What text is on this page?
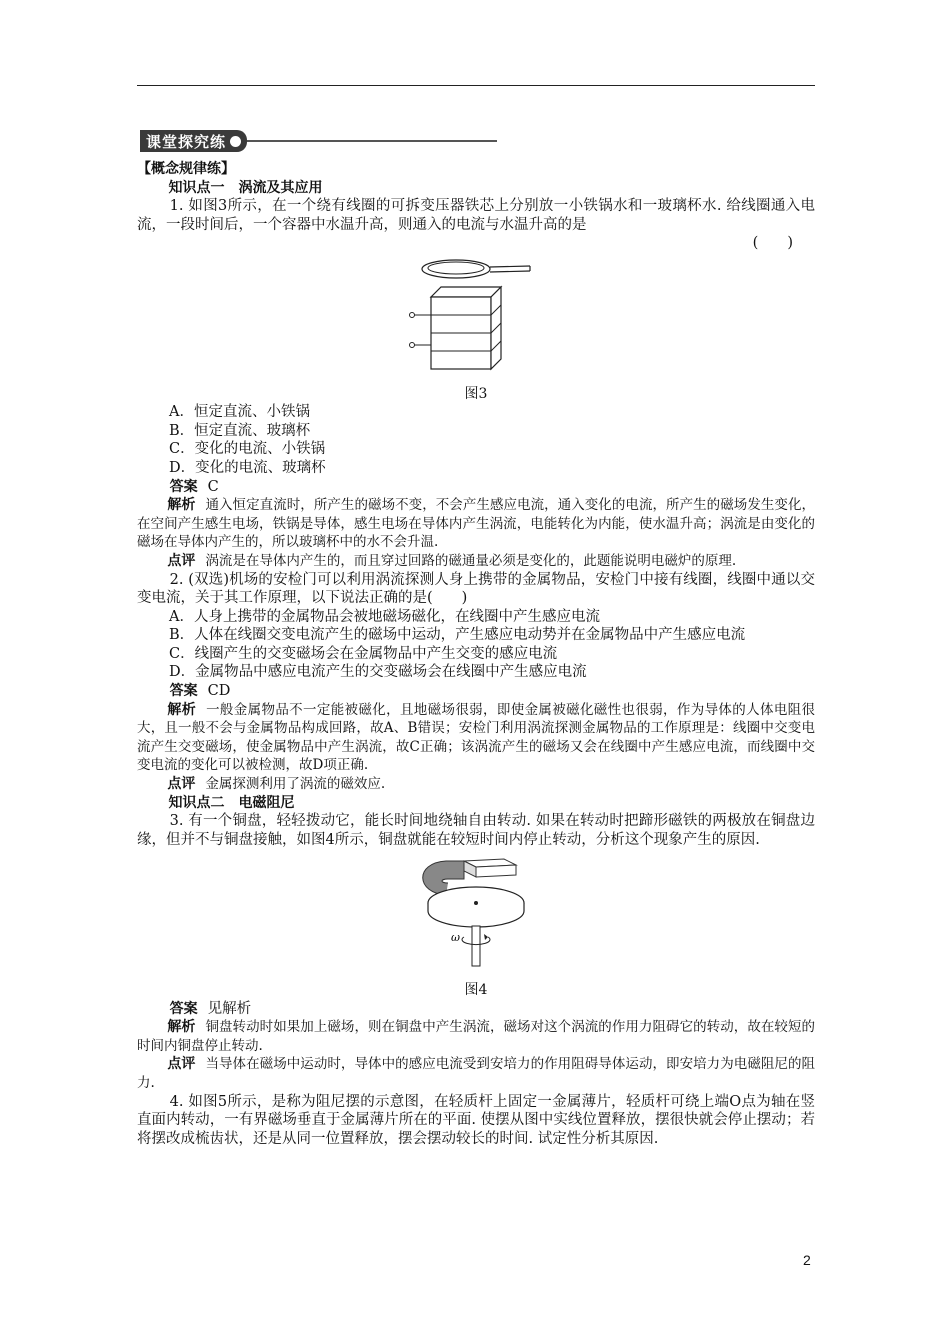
课堂探究练

【概念规律练】

知识点一　涡流及其应用

1. 如图3所示，在一个绕有线圈的可拆变压器铁芯上分别放一小铁锅水和一玻璃杯水. 给线圈通入电流，一段时间后，一个容器中水温升高，则通入的电流与水温升高的是

(　　)

图3

A．恒定直流、小铁锅

B．恒定直流、玻璃杯

C．变化的电流、小铁锅

D．变化的电流、玻璃杯

答案 C

解析 通入恒定直流时，所产生的磁场不变，不会产生感应电流，通入变化的电流，所产生的磁场发生变化，在空间产生感生电场，铁锅是导体，感生电场在导体内产生涡流，电能转化为内能，使水温升高；涡流是由变化的磁场在导体内产生的，所以玻璃杯中的水不会升温.

点评 涡流是在导体内产生的，而且穿过回路的磁通量必须是变化的，此题能说明电磁炉的原理.

2. (双选)机场的安检门可以利用涡流探测人身上携带的金属物品，安检门中接有线圈，线圈中通以交变电流，关于其工作原理，以下说法正确的是(　　)

A．人身上携带的金属物品会被地磁场磁化，在线圈中产生感应电流

B．人体在线圈交变电流产生的磁场中运动，产生感应电动势并在金属物品中产生感应电流

C．线圈产生的交变磁场会在金属物品中产生交变的感应电流

D．金属物品中感应电流产生的交变磁场会在线圈中产生感应电流

答案 CD

解析 一般金属物品不一定能被磁化，且地磁场很弱，即使金属被磁化磁性也很弱，作为导体的人体电阻很大，且一般不会与金属物品构成回路，故A、B错误；安检门利用涡流探测金属物品的工作原理是：线圈中交变电流产生交变磁场，使金属物品中产生涡流，故C正确；该涡流产生的磁场又会在线圈中产生感应电流，而线圈中交变电流的变化可以被检测，故D项正确.

点评 金属探测利用了涡流的磁效应.

知识点二　电磁阻尼

3. 有一个铜盘，轻轻拨动它，能长时间地绕轴自由转动. 如果在转动时把蹄形磁铁的两极放在铜盘边缘，但并不与铜盘接触，如图4所示，铜盘就能在较短时间内停止转动，分析这个现象产生的原因.

ω

图4

答案 见解析

解析 铜盘转动时如果加上磁场，则在铜盘中产生涡流，磁场对这个涡流的作用力阻碍它的转动，故在较短的时间内铜盘停止转动.

点评 当导体在磁场中运动时，导体中的感应电流受到安培力的作用阻碍导体运动，即安培力为电磁阻尼的阻力.

4. 如图5所示，是称为阻尼摆的示意图，在轻质杆上固定一金属薄片，轻质杆可绕上端O点为轴在竖直面内转动，一有界磁场垂直于金属薄片所在的平面. 使摆从图中实线位置释放，摆很快就会停止摆动；若将摆改成梳齿状，还是从同一位置释放，摆会摆动较长的时间. 试定性分析其原因.

2
